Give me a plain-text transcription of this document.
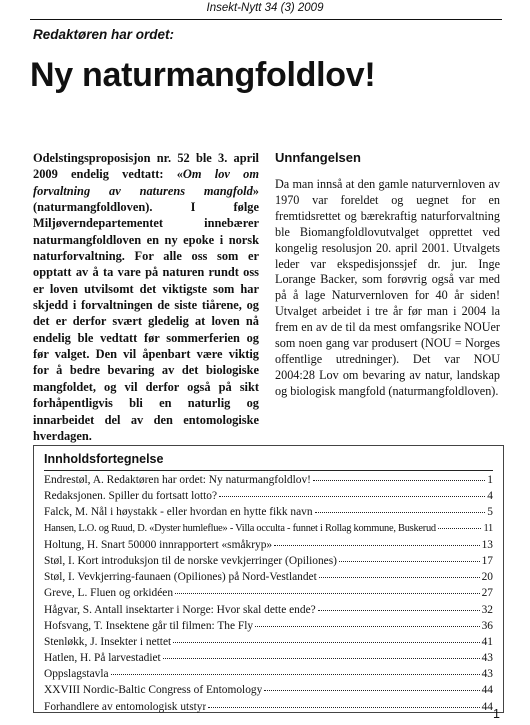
Insekt-Nytt 34 (3) 2009
Redaktøren har ordet:
Ny naturmangfoldlov!

Odelstingsproposisjon nr. 52 ble 3. april 2009 endelig vedtatt: «Om lov om forvaltning av naturens mangfold» (naturmangfoldloven). I følge Miljøverndepartementet innebærer naturmangfoldloven en ny epoke i norsk naturforvaltning. For alle oss som er opptatt av å ta vare på naturen rundt oss er loven utvilsomt det viktigste som har skjedd i forvaltningen de siste tiårene, og det er derfor svært gledelig at loven nå endelig ble vedtatt før sommerferien og før valget. Den vil åpenbart være viktig for å bedre bevaring av det biologiske mangfoldet, og vil derfor også på sikt forhåpentligvis bli en naturlig og innarbeidet del av den entomologiske hverdagen.

Unnfangelsen

Da man innså at den gamle naturvernloven av 1970 var foreldet og uegnet for en fremtidsrettet og bærekraftig naturforvaltning ble Biomangfoldlovutvalget opprettet ved kongelig resolusjon 20. april 2001. Utvalgets leder var ekspedisjonssjef dr. jur. Inge Lorange Backer, som forøvrig også var med på å lage Naturvernloven for 40 år siden! Utvalget arbeidet i tre år før man i 2004 la frem en av de til da mest omfangsrike NOUer som noen gang var produsert (NOU = Norges offentlige utredninger). Det var NOU 2004:28 Lov om bevaring av natur, landskap og biologisk mangfold (naturmangfoldloven).

Innholdsfortegnelse
Endrestøl, A. Redaktøren har ordet: Ny naturmangfoldlov!	1
Redaksjonen. Spiller du fortsatt lotto?	4
Falck, M. Nål i høystakk - eller hvordan en hytte fikk navn	5
Hansen, L.O. og Ruud, D. «Dyster humleflue» - Villa occulta - funnet i Rollag kommune, Buskerud	11
Holtung, H. Snart 50000 innrapportert «småkryp»	13
Støl, I. Kort introduksjon til de norske vevkjerringer (Opiliones)	17
Støl, I. Vevkjerring-faunaen (Opiliones) på Nord-Vestlandet	20
Greve, L. Fluen og orkidéen	27
Hågvar, S. Antall insektarter i Norge: Hvor skal dette ende?	32
Hofsvang, T. Insektene går til filmen: The Fly	36
Stenløkk, J. Insekter i nettet	41
Hatlen, H. På larvestadiet	43
Oppslagstavla	43
XXVIII Nordic-Baltic Congress of Entomology	44
Forhandlere av entomologisk utstyr	44
1
